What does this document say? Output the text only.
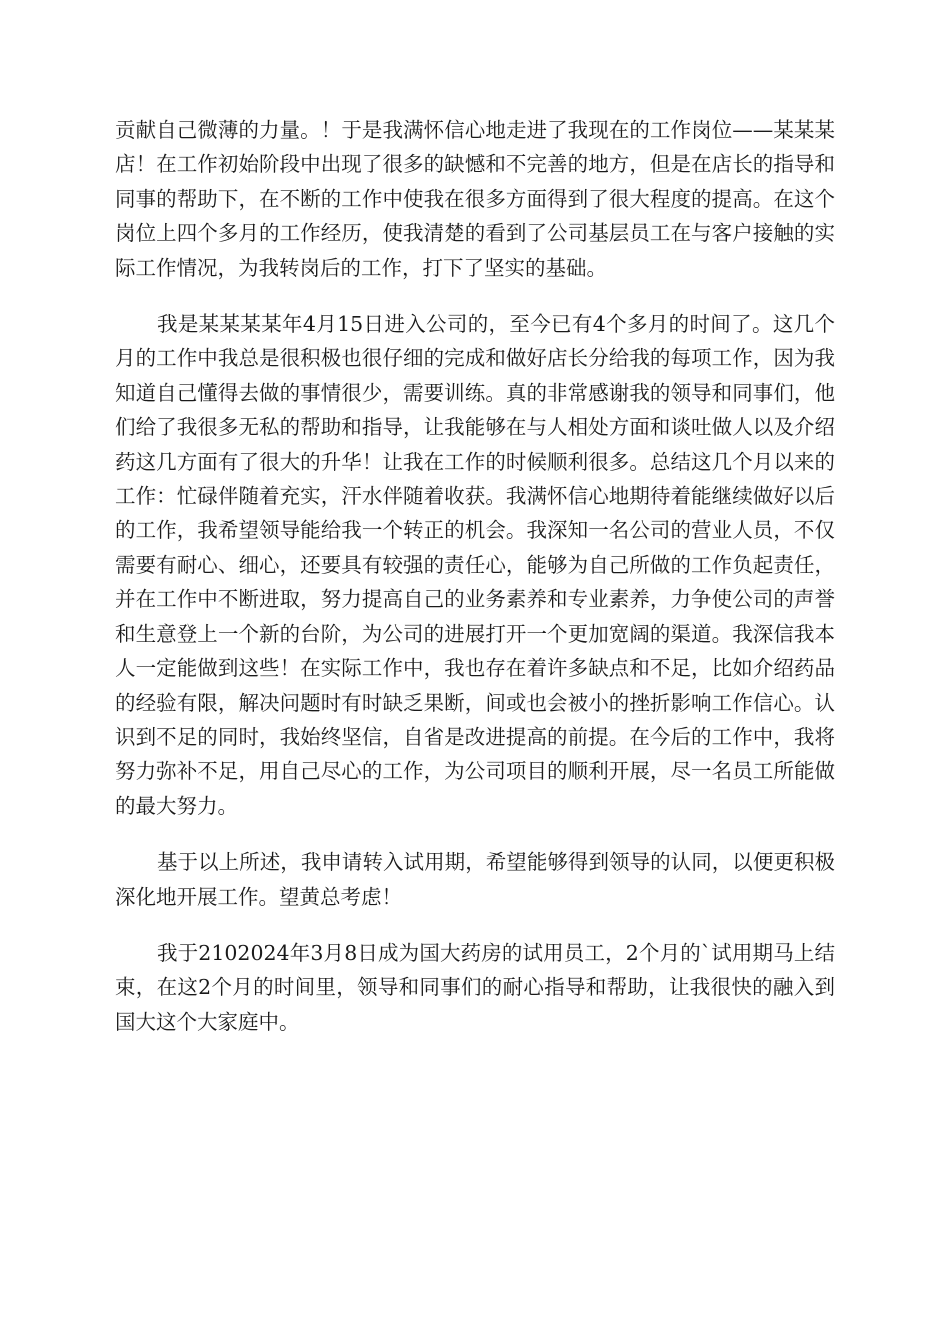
贡献自己微薄的力量。！于是我满怀信心地走进了我现在的工作岗位——某某某店！在工作初始阶段中出现了很多的缺憾和不完善的地方，但是在店长的指导和同事的帮助下，在不断的工作中使我在很多方面得到了很大程度的提高。在这个岗位上四个多月的工作经历，使我清楚的看到了公司基层员工在与客户接触的实际工作情况，为我转岗后的工作，打下了坚实的基础。

我是某某某某年4月15日进入公司的，至今已有4个多月的时间了。这几个月的工作中我总是很积极也很仔细的完成和做好店长分给我的每项工作，因为我知道自己懂得去做的事情很少，需要训练。真的非常感谢我的领导和同事们，他们给了我很多无私的帮助和指导，让我能够在与人相处方面和谈吐做人以及介绍药这几方面有了很大的升华！让我在工作的时候顺利很多。总结这几个月以来的工作：忙碌伴随着充实，汗水伴随着收获。我满怀信心地期待着能继续做好以后的工作，我希望领导能给我一个转正的机会。我深知一名公司的营业人员，不仅需要有耐心、细心，还要具有较强的责任心，能够为自己所做的工作负起责任，并在工作中不断进取，努力提高自己的业务素养和专业素养，力争使公司的声誉和生意登上一个新的台阶，为公司的进展打开一个更加宽阔的渠道。我深信我本人一定能做到这些！在实际工作中，我也存在着许多缺点和不足，比如介绍药品的经验有限，解决问题时有时缺乏果断，间或也会被小的挫折影响工作信心。认识到不足的同时，我始终坚信，自省是改进提高的前提。在今后的工作中，我将努力弥补不足，用自己尽心的工作，为公司项目的顺利开展，尽一名员工所能做的最大努力。

基于以上所述，我申请转入试用期，希望能够得到领导的认同，以便更积极深化地开展工作。望黄总考虑！

我于2102024年3月8日成为国大药房的试用员工，2个月的`试用期马上结束，在这2个月的时间里，领导和同事们的耐心指导和帮助，让我很快的融入到国大这个大家庭中。
